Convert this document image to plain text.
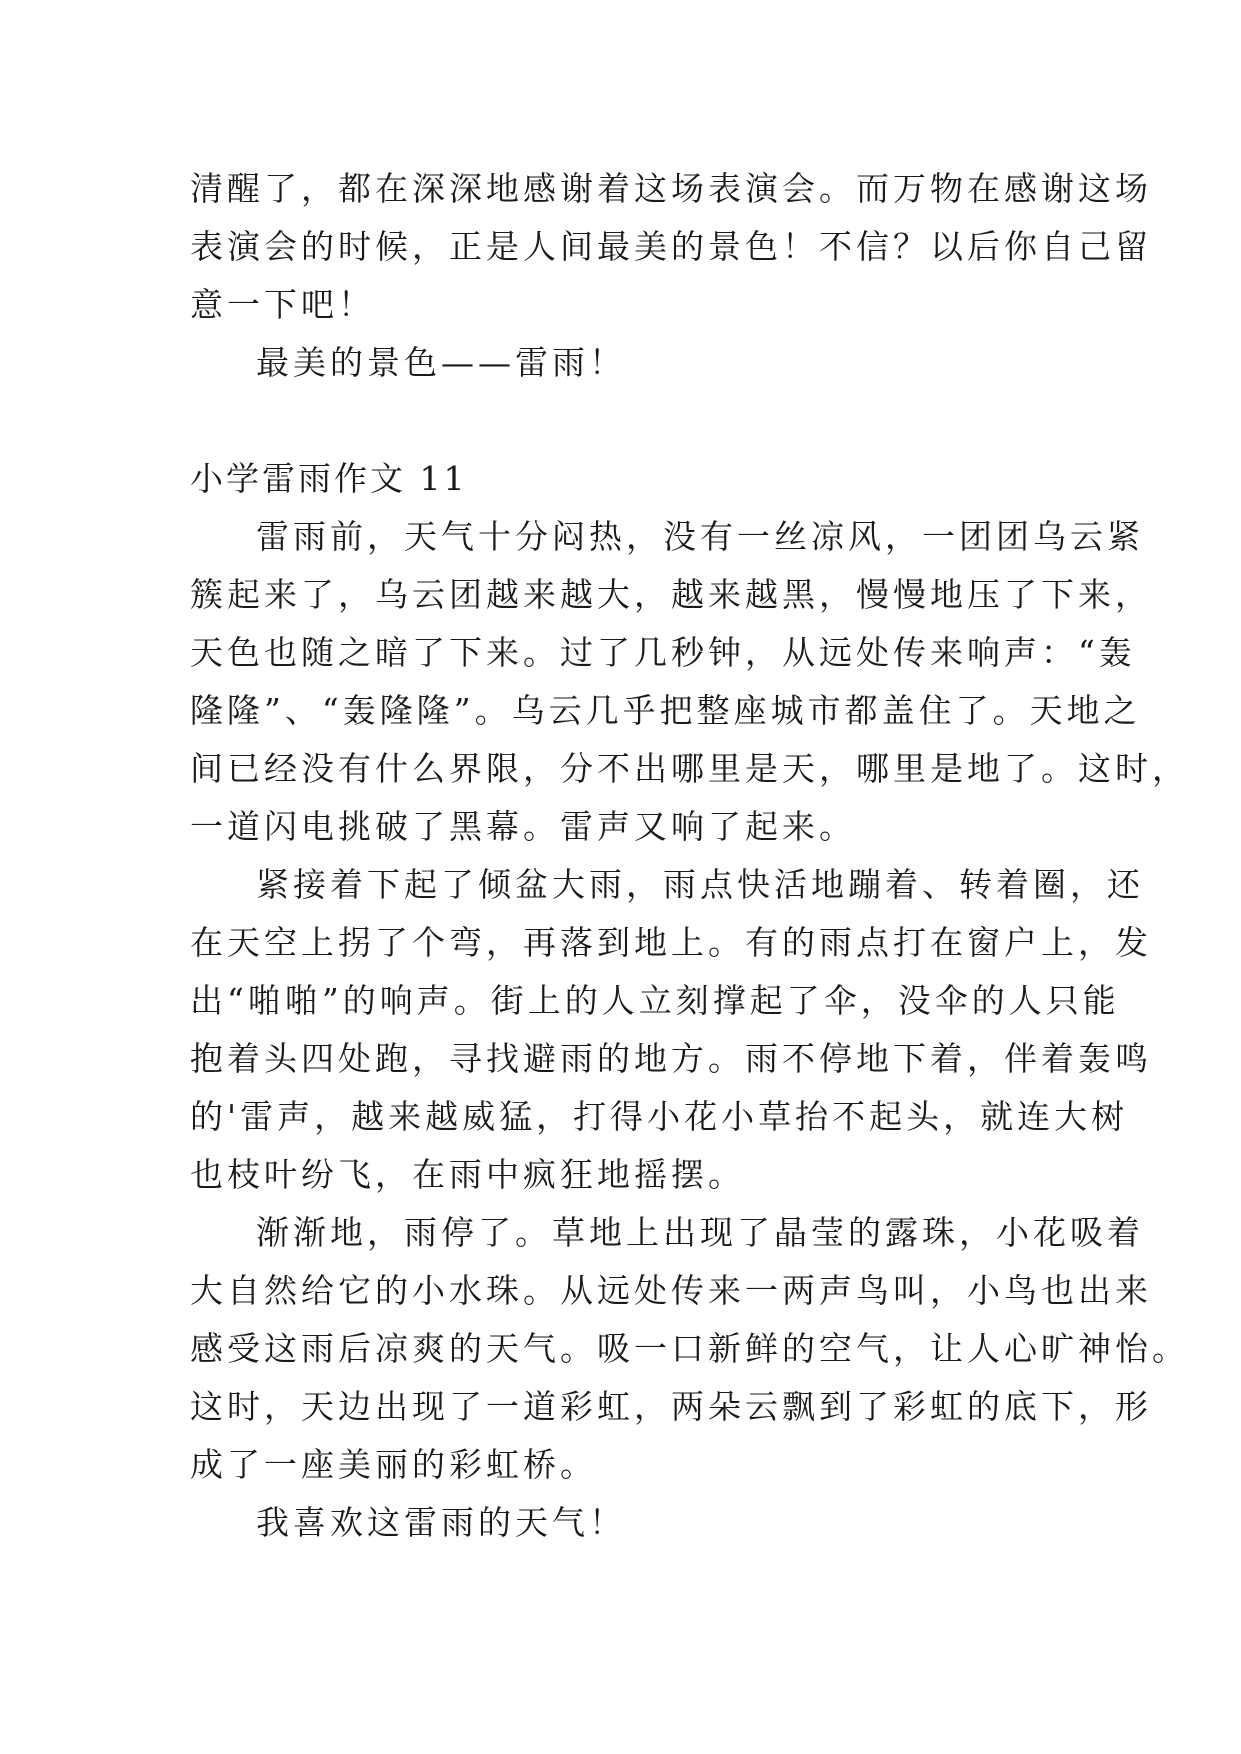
清醒了，都在深深地感谢着这场表演会。而万物在感谢这场
表演会的时候，正是人间最美的景色！不信？以后你自己留
意一下吧！
最美的景色——雷雨！
小学雷雨作文 11
雷雨前，天气十分闷热，没有一丝凉风，一团团乌云紧
簇起来了，乌云团越来越大，越来越黑，慢慢地压了下来，
天色也随之暗了下来。过了几秒钟，从远处传来响声：“轰
隆隆”、“轰隆隆”。乌云几乎把整座城市都盖住了。天地之
间已经没有什么界限，分不出哪里是天，哪里是地了。这时，
一道闪电挑破了黑幕。雷声又响了起来。
紧接着下起了倾盆大雨，雨点快活地蹦着、转着圈，还
在天空上拐了个弯，再落到地上。有的雨点打在窗户上，发
出“啪啪”的响声。街上的人立刻撑起了伞，没伞的人只能
抱着头四处跑，寻找避雨的地方。雨不停地下着，伴着轰鸣
的'雷声，越来越威猛，打得小花小草抬不起头，就连大树
也枝叶纷飞，在雨中疯狂地摇摆。
渐渐地，雨停了。草地上出现了晶莹的露珠，小花吸着
大自然给它的小水珠。从远处传来一两声鸟叫，小鸟也出来
感受这雨后凉爽的天气。吸一口新鲜的空气，让人心旷神怡。
这时，天边出现了一道彩虹，两朵云飘到了彩虹的底下，形
成了一座美丽的彩虹桥。
我喜欢这雷雨的天气！
